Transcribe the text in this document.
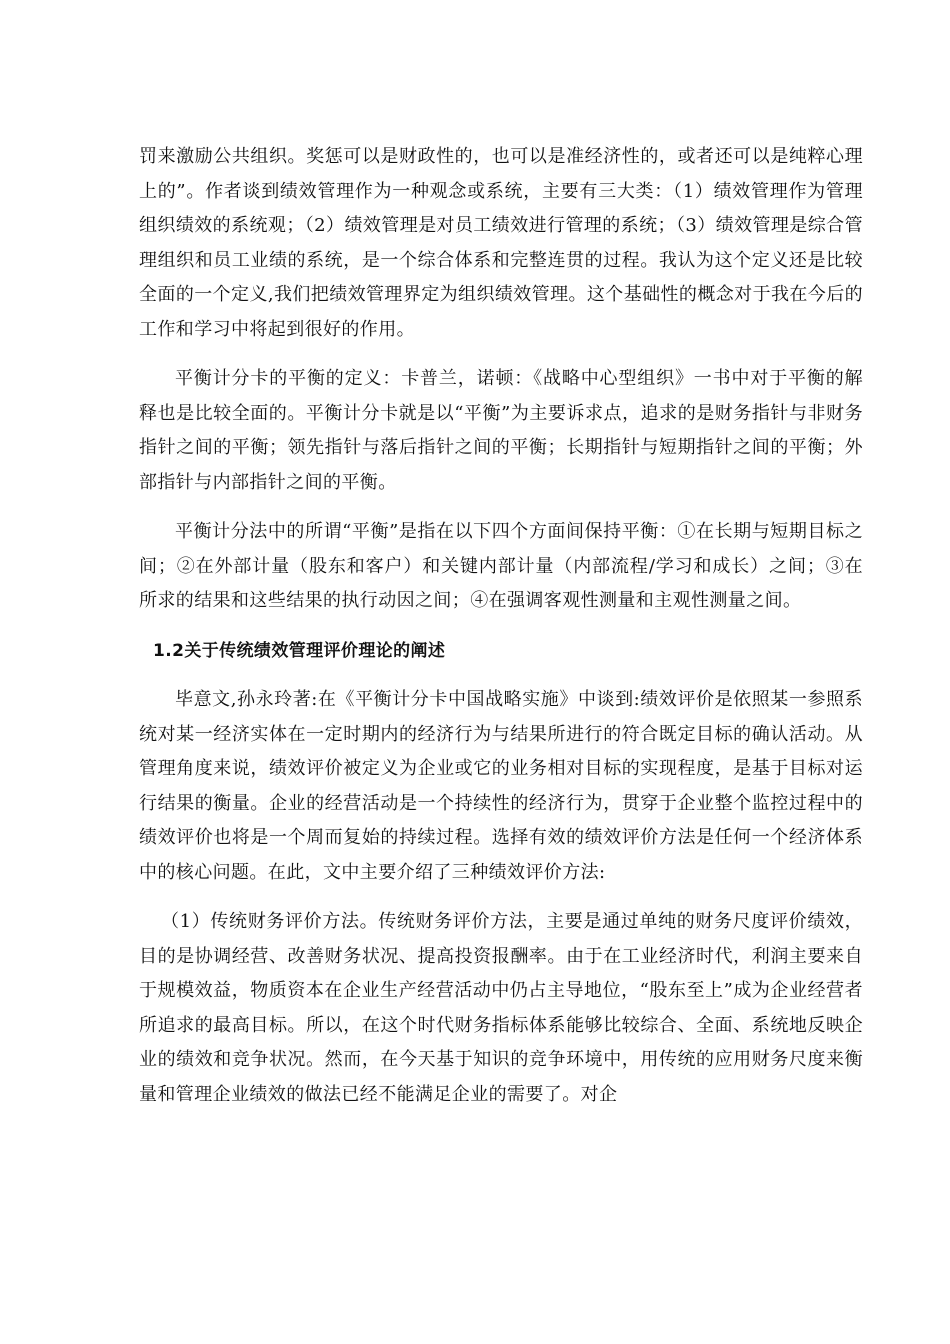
罚来激励公共组织。奖惩可以是财政性的，也可以是准经济性的，或者还可以是纯粹心理上的”。作者谈到绩效管理作为一种观念或系统，主要有三大类：（1）绩效管理作为管理组织绩效的系统观；（2）绩效管理是对员工绩效进行管理的系统；（3）绩效管理是综合管理组织和员工业绩的系统，是一个综合体系和完整连贯的过程。我认为这个定义还是比较全面的一个定义,我们把绩效管理界定为组织绩效管理。这个基础性的概念对于我在今后的工作和学习中将起到很好的作用。

平衡计分卡的平衡的定义：卡普兰，诺顿：《战略中心型组织》一书中对于平衡的解释也是比较全面的。平衡计分卡就是以“平衡”为主要诉求点，追求的是财务指针与非财务指针之间的平衡；领先指针与落后指针之间的平衡；长期指针与短期指针之间的平衡；外部指针与内部指针之间的平衡。

平衡计分法中的所谓“平衡”是指在以下四个方面间保持平衡：①在长期与短期目标之间；②在外部计量（股东和客户）和关键内部计量（内部流程/学习和成长）之间；③在所求的结果和这些结果的执行动因之间；④在强调客观性测量和主观性测量之间。

1.2关于传统绩效管理评价理论的阐述

毕意文,孙永玲著:在《平衡计分卡中国战略实施》中谈到:绩效评价是依照某一参照系统对某一经济实体在一定时期内的经济行为与结果所进行的符合既定目标的确认活动。从管理角度来说，绩效评价被定义为企业或它的业务相对目标的实现程度，是基于目标对运行结果的衡量。企业的经营活动是一个持续性的经济行为，贯穿于企业整个监控过程中的绩效评价也将是一个周而复始的持续过程。选择有效的绩效评价方法是任何一个经济体系中的核心问题。在此，文中主要介绍了三种绩效评价方法:

（1）传统财务评价方法。传统财务评价方法，主要是通过单纯的财务尺度评价绩效，目的是协调经营、改善财务状况、提高投资报酬率。由于在工业经济时代，利润主要来自于规模效益，物质资本在企业生产经营活动中仍占主导地位，“股东至上”成为企业经营者所追求的最高目标。所以，在这个时代财务指标体系能够比较综合、全面、系统地反映企业的绩效和竞争状况。然而，在今天基于知识的竞争环境中，用传统的应用财务尺度来衡量和管理企业绩效的做法已经不能满足企业的需要了。对企
